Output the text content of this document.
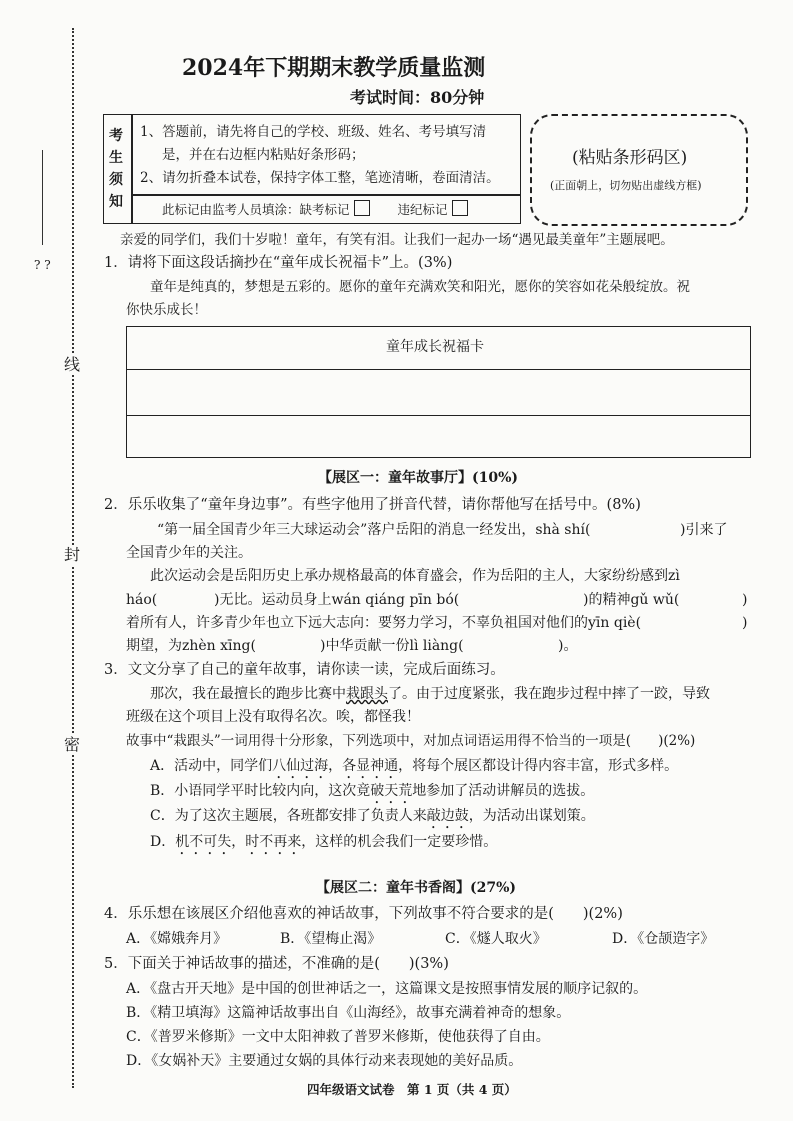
? ?
线
封
密
2024年下期期末教学质量监测
考试时间：80分钟
考
生
须
知
1、答题前，请先将自己的学校、班级、姓名、考号填写清
是，并在右边框内粘贴好条形码；
2、请勿折叠本试卷，保持字体工整，笔迹清晰，卷面清洁。
此标记由监考人员填涂：缺考标记	违纪标记
(粘贴条形码区)
(正面朝上，切勿贴出虚线方框)
亲爱的同学们，我们十岁啦！童年，有笑有泪。让我们一起办一场“遇见最美童年”主题展吧。
1．请将下面这段话摘抄在“童年成长祝福卡”上。(3%)
童年是纯真的，梦想是五彩的。愿你的童年充满欢笑和阳光，愿你的笑容如花朵般绽放。祝
你快乐成长！
童年成长祝福卡
【展区一：童年故事厅】(10%)
2．乐乐收集了“童年身边事”。有些字他用了拼音代替，请你帮他写在括号中。(8%)
“第一届全国青少年三大球运动会”落户岳阳的消息一经发出，shà shí(	)引来了
全国青少年的关注。
此次运动会是岳阳历史上承办规格最高的体育盛会，作为岳阳的主人，大家纷纷感到zì
háo(	)无比。运动员身上wán qiáng pīn bó(	)的精神gǔ wǔ(	)
着所有人，许多青少年也立下远大志向：要努力学习，不辜负祖国对他们的yīn qiè(	)
期望，为zhèn xīng(	)中华贡献一份lì liàng(	)。
3．文文分享了自己的童年故事，请你读一读，完成后面练习。
那次，我在最擅长的跑步比赛中栽跟头了。由于过度紧张，我在跑步过程中摔了一跤，导致
班级在这个项目上没有取得名次。唉，都怪我！
故事中“栽跟头”一词用得十分形象，下列选项中，对加点词语运用得不恰当的一项是(　　)(2%)
A．活动中，同学们八仙过海，各显神通，将每个展区都设计得内容丰富，形式多样。
B．小语同学平时比较内向，这次竟破天荒地参加了活动讲解员的选拔。
C．为了这次主题展，各班都安排了负责人来敲边鼓，为活动出谋划策。
D．机不可失，时不再来，这样的机会我们一定要珍惜。
【展区二：童年书香阁】(27%)
4．乐乐想在该展区介绍他喜欢的神话故事，下列故事不符合要求的是(　　)(2%)
A．《嫦娥奔月》	B．《望梅止渴》	C．《燧人取火》	D．《仓颉造字》
5．下面关于神话故事的描述，不准确的是(　　)(3%)
A．《盘古开天地》是中国的创世神话之一，这篇课文是按照事情发展的顺序记叙的。
B．《精卫填海》这篇神话故事出自《山海经》，故事充满着神奇的想象。
C．《普罗米修斯》一文中太阳神救了普罗米修斯，使他获得了自由。
D．《女娲补天》主要通过女娲的具体行动来表现她的美好品质。
四年级语文试卷　第 1 页（共 4 页）
